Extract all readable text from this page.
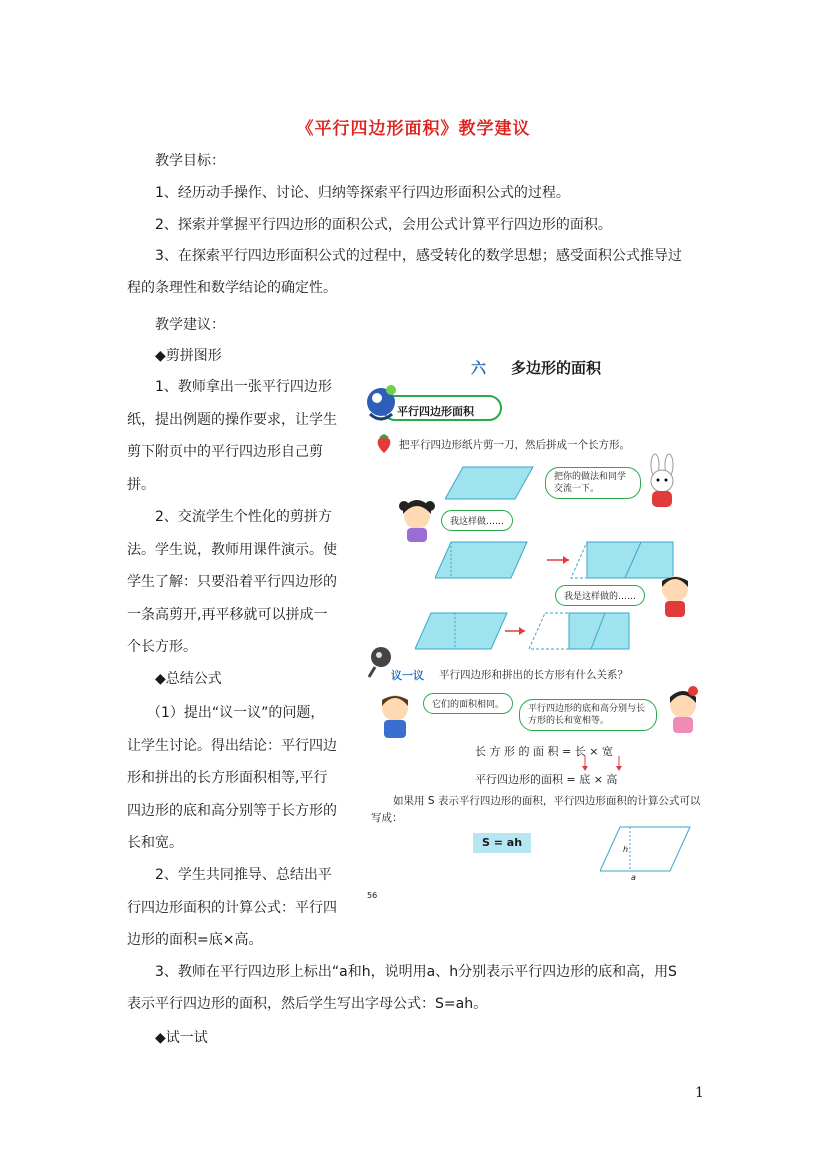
《平行四边形面积》教学建议
教学目标：
1、经历动手操作、讨论、归纳等探索平行四边形面积公式的过程。
2、探索并掌握平行四边形的面积公式，会用公式计算平行四边形的面积。
3、在探索平行四边形面积公式的过程中，感受转化的数学思想；感受面积公式推导过程的条理性和数学结论的确定性。
教学建议：
◆剪拼图形
1、教师拿出一张平行四边形纸，提出例题的操作要求，让学生剪下附页中的平行四边形自己剪拼。
2、交流学生个性化的剪拼方法。学生说，教师用课件演示。使学生了解：只要沿着平行四边形的一条高剪开,再平移就可以拼成一个长方形。
◆总结公式
（1）提出“议一议”的问题，让学生讨论。得出结论：平行四边形和拼出的长方形面积相等,平行四边形的底和高分别等于长方形的长和宽。
2、学生共同推导、总结出平行四边形面积的计算公式：平行四边形的面积=底×高。
3、教师在平行四边形上标出“a和h，说明用a、h分别表示平行四边形的底和高，用S表示平行四边形的面积，然后学生写出字母公式：S=ah。
◆试一试
1
六 多边形的面积
平行四边形面积
把平行四边形纸片剪一刀，然后拼成一个长方形。
把你的做法和同学交流一下。
我这样做……
我是这样做的……
议一议 平行四边形和拼出的长方形有什么关系？
它们的面积相同。	平行四边形的底和高分别与长方形的长和宽相等。
长 方 形 的 面 积 = 长 × 宽
平行四边形的面积 = 底 × 高
如果用 S 表示平行四边形的面积，平行四边形面积的计算公式可以写成：
S = ah
h
a
56
